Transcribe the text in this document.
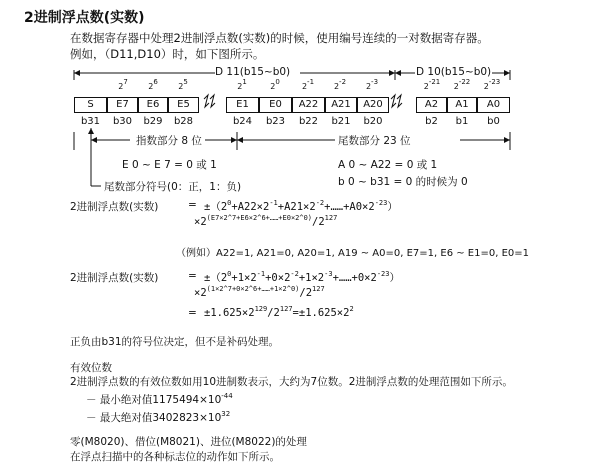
2进制浮点数(实数)
在数据寄存器中处理2进制浮点数(实数)的时候，使用编号连续的一对数据寄存器。
例如，（D11,D10）时，如下图所示。
D 11(b15~b0)	D 10(b15~b0)
$2^7$	$2^6$	$2^5$	$2^1$	$2^0$	$2^{-1}$	$2^{-2}$	$2^{-3}$	$2^{-21}$	$2^{-22}$	$2^{-23}$
S	E7	E6	E5	E1	E0	A22	A21	A20	A2	A1	A0
b31	b30	b29	b28	b24	b23	b22	b21	b20	b2	b1	b0
指数部分 8 位	尾数部分 23 位
E 0 ~ E 7 = 0 或 1
尾数部分符号(0：正，1：负)
A 0 ~ A22 = 0 或 1
b 0 ~ b31 = 0 的时候为 0
2进制浮点数(实数)	= $\pm(2^0+A22\times 2^{-1}+A21\times 2^{-2}+\dots\dots+A0\times 2^{-23})$
$\times 2^{(E7\times 2\^{}7+E6\times 2\^{}6+\dots\dots+E0\times 2\^{}0)}/2^{127}$
（例如）A22=1, A21=0, A20=1, A19 ~ A0=0, E7=1, E6 ~ E1=0, E0=1
2进制浮点数(实数)	= $\pm(2^0+1\times 2^{-1}+0\times 2^{-2}+1\times 2^{-3}+\dots\dots+0\times 2^{-23})$
$\times 2^{(1\times 2\^{}7+0\times 2\^{}6+\dots\dots+1\times 2\^{}0)}/2^{127}$
= $\pm 1.625\times 2^{129}/2^{127}=\pm 1.625\times 2^2$
正负由b31的符号位决定，但不是补码处理。
有效位数
2进制浮点数的有效位数如用10进制数表示，大约为7位数。2进制浮点数的处理范围如下所示。
－ 最小绝对值$1175494\times 10^{-44}$
－ 最大绝对值$3402823\times 10^{32}$
零(M8020)、借位(M8021)、进位(M8022)的处理
在浮点扫描中的各种标志位的动作如下所示。
